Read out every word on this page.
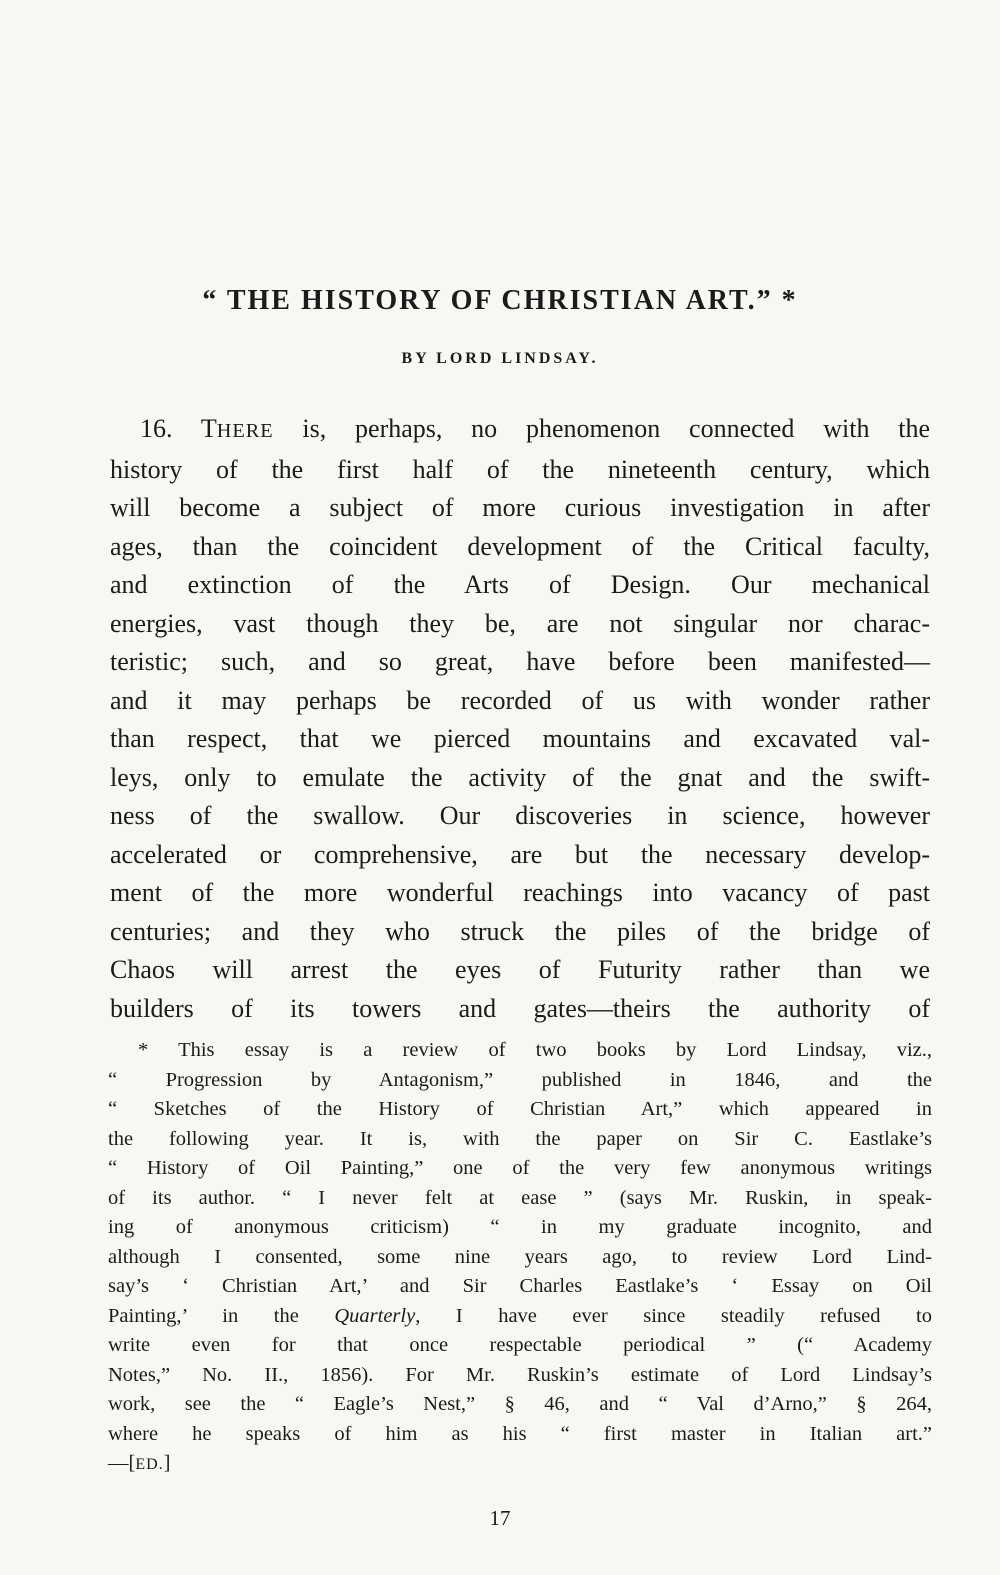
“ THE HISTORY OF CHRISTIAN ART.” *
BY LORD LINDSAY.
16. THERE is, perhaps, no phenomenon connected with the
history of the first half of the nineteenth century, which
will become a subject of more curious investigation in after
ages, than the coincident development of the Critical faculty,
and extinction of the Arts of Design. Our mechanical
energies, vast though they be, are not singular nor charac-
teristic; such, and so great, have before been manifested—
and it may perhaps be recorded of us with wonder rather
than respect, that we pierced mountains and excavated val-
leys, only to emulate the activity of the gnat and the swift-
ness of the swallow. Our discoveries in science, however
accelerated or comprehensive, are but the necessary develop-
ment of the more wonderful reachings into vacancy of past
centuries; and they who struck the piles of the bridge of
Chaos will arrest the eyes of Futurity rather than we
builders of its towers and gates—theirs the authority of
* This essay is a review of two books by Lord Lindsay, viz.,
“ Progression by Antagonism,” published in 1846, and the
“ Sketches of the History of Christian Art,” which appeared in
the following year. It is, with the paper on Sir C. Eastlake’s
“ History of Oil Painting,” one of the very few anonymous writings
of its author. “ I never felt at ease ” (says Mr. Ruskin, in speak-
ing of anonymous criticism) “ in my graduate incognito, and
although I consented, some nine years ago, to review Lord Lind-
say’s ‘ Christian Art,’ and Sir Charles Eastlake’s ‘ Essay on Oil
Painting,’ in the Quarterly, I have ever since steadily refused to
write even for that once respectable periodical ” (“ Academy
Notes,” No. II., 1856). For Mr. Ruskin’s estimate of Lord Lindsay’s
work, see the “ Eagle’s Nest,” § 46, and “ Val d’Arno,” § 264,
where he speaks of him as his “ first master in Italian art.”
—[ED.]
17
